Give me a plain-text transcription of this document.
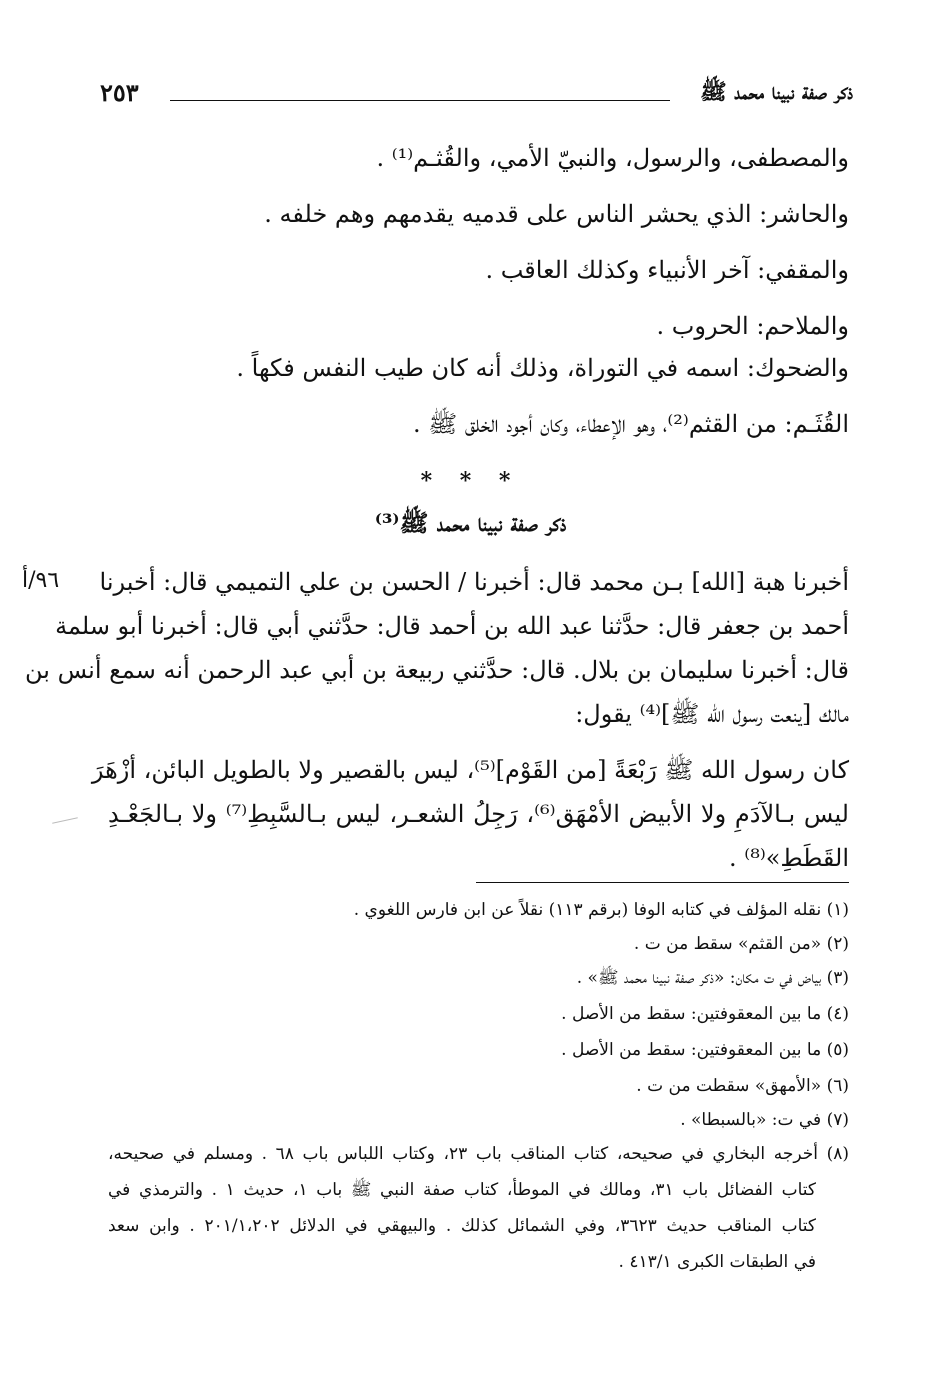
ذكر صفة نبينا محمد ﷺ
٢٥٣
والمصطفى، والرسول، والنبيّ الأمي، والقُثـم⁽¹⁾ .
والحاشر: الذي يحشر الناس على قدميه يقدمهم وهم خلفه .
والمقفي: آخر الأنبياء وكذلك العاقب .
والملاحم: الحروب .
والضحوك: اسمه في التوراة، وذلك أنه كان طيب النفس فكهاً .
القُثَـم: من القثم⁽²⁾، وهو الإعطاء، وكان أجود الخلق ﷺ .
* * *
ذكر صفة نبينا محمد ﷺ⁽³⁾
٩٦/أ أخبرنا هبة [الله] بـن محمد قال: أخبرنا / الحسن بن علي التميمي قال: أخبرنا
أحمد بن جعفر قال: حدَّثنا عبد الله بن أحمد قال: حدَّثني أبي قال: أخبرنا أبو سلمة
قال: أخبرنا سليمان بن بلال. قال: حدَّثني ربيعة بن أبي عبد الرحمن أنه سمع أنس بن
مالك [ينعت رسول الله ﷺ]⁽⁴⁾ يقول:
كان رسول الله ﷺ رَبْعَةً [من القَوْم]⁽⁵⁾، ليس بالقصير ولا بالطويل البائن، أزْهَرَ
ليس بـالآدَمِ ولا الأبيض الأمْهَق⁽⁶⁾، رَجِلُ الشعـر، ليس بـالسَّبِطِ⁽⁷⁾ ولا بـالجَعْـدِ
القَطَطِ»⁽⁸⁾ .
(١) نقله المؤلف في كتابه الوفا (برقم ١١٣) نقلاً عن ابن فارس اللغوي .
(٢) «من القثم» سقط من ت .
(٣) بياض في ت مكان: «ذكر صفة نبينا محمد ﷺ» .
(٤) ما بين المعقوفتين: سقط من الأصل .
(٥) ما بين المعقوفتين: سقط من الأصل .
(٦) «الأمهق» سقطت من ت .
(٧) في ت: «بالسبطا» .
(٨) أخرجه البخاري في صحيحه، كتاب المناقب باب ٢٣، وكتاب اللباس باب ٦٨ . ومسلم في صحيحه،
كتاب الفضائل باب ٣١، ومالك في الموطأ، كتاب صفة النبي ﷺ باب ١، حديث ١ . والترمذي في
كتاب المناقب حديث ٣٦٢٣، وفي الشمائل كذلك . والبيهقي في الدلائل ٢٠١/١،٢٠٢ . وابن سعد
في الطبقات الكبرى ٤١٣/١ .
